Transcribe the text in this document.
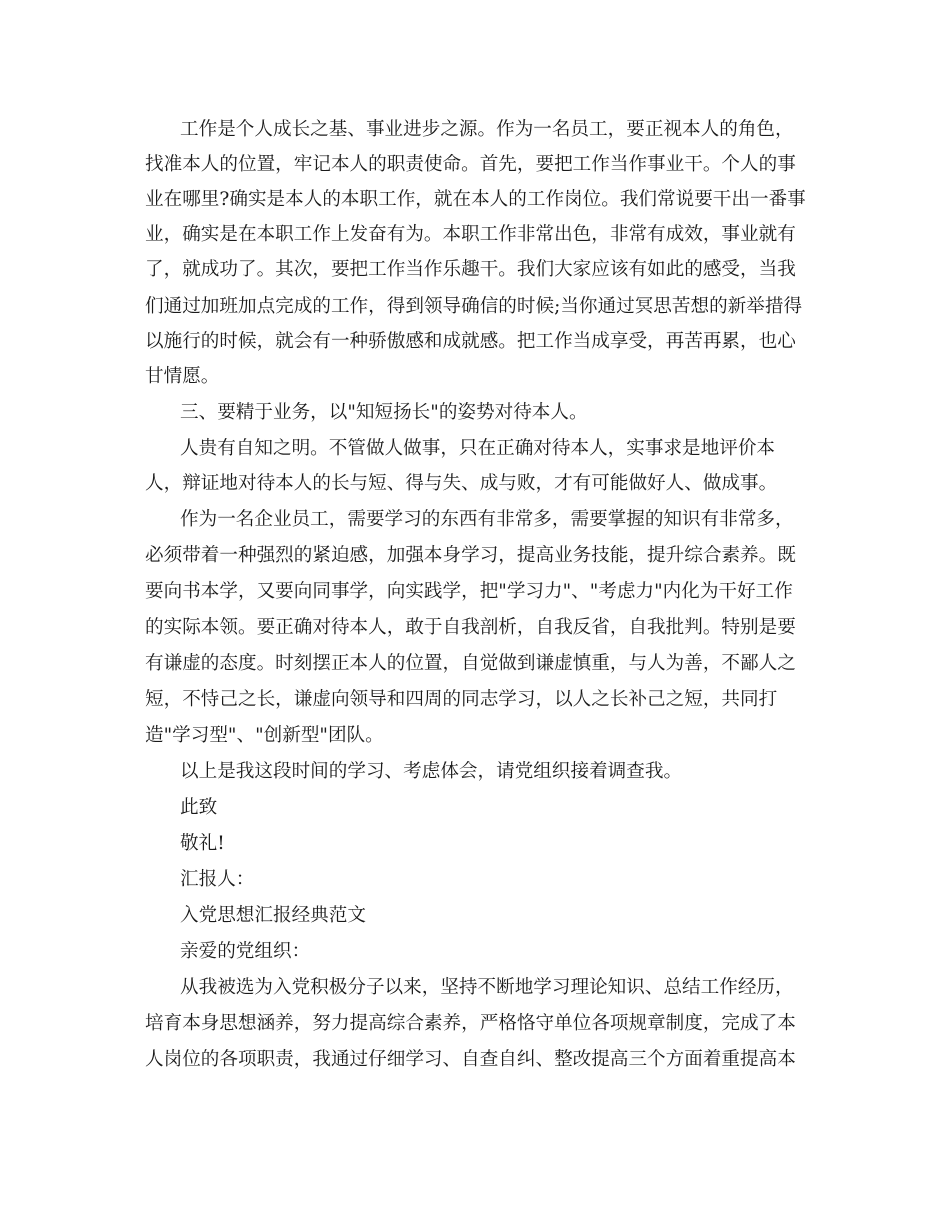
工作是个人成长之基、事业进步之源。作为一名员工，要正视本人的角色，
找准本人的位置，牢记本人的职责使命。首先，要把工作当作事业干。个人的事
业在哪里?确实是本人的本职工作，就在本人的工作岗位。我们常说要干出一番事
业，确实是在本职工作上发奋有为。本职工作非常出色，非常有成效，事业就有
了，就成功了。其次，要把工作当作乐趣干。我们大家应该有如此的感受，当我
们通过加班加点完成的工作，得到领导确信的时候;当你通过冥思苦想的新举措得
以施行的时候，就会有一种骄傲感和成就感。把工作当成享受，再苦再累，也心
甘情愿。
三、要精于业务，以"知短扬长"的姿势对待本人。
人贵有自知之明。不管做人做事，只在正确对待本人，实事求是地评价本
人，辩证地对待本人的长与短、得与失、成与败，才有可能做好人、做成事。
作为一名企业员工，需要学习的东西有非常多，需要掌握的知识有非常多，
必须带着一种强烈的紧迫感，加强本身学习，提高业务技能，提升综合素养。既
要向书本学，又要向同事学，向实践学，把"学习力"、"考虑力"内化为干好工作
的实际本领。要正确对待本人，敢于自我剖析，自我反省，自我批判。特别是要
有谦虚的态度。时刻摆正本人的位置，自觉做到谦虚慎重，与人为善，不鄙人之
短，不恃己之长，谦虚向领导和四周的同志学习，以人之长补己之短，共同打
造"学习型"、"创新型"团队。
以上是我这段时间的学习、考虑体会，请党组织接着调查我。
此致
敬礼!
汇报人：
入党思想汇报经典范文
亲爱的党组织：
从我被选为入党积极分子以来，坚持不断地学习理论知识、总结工作经历，
培育本身思想涵养，努力提高综合素养，严格恪守单位各项规章制度，完成了本
人岗位的各项职责，我通过仔细学习、自查自纠、整改提高三个方面着重提高本
